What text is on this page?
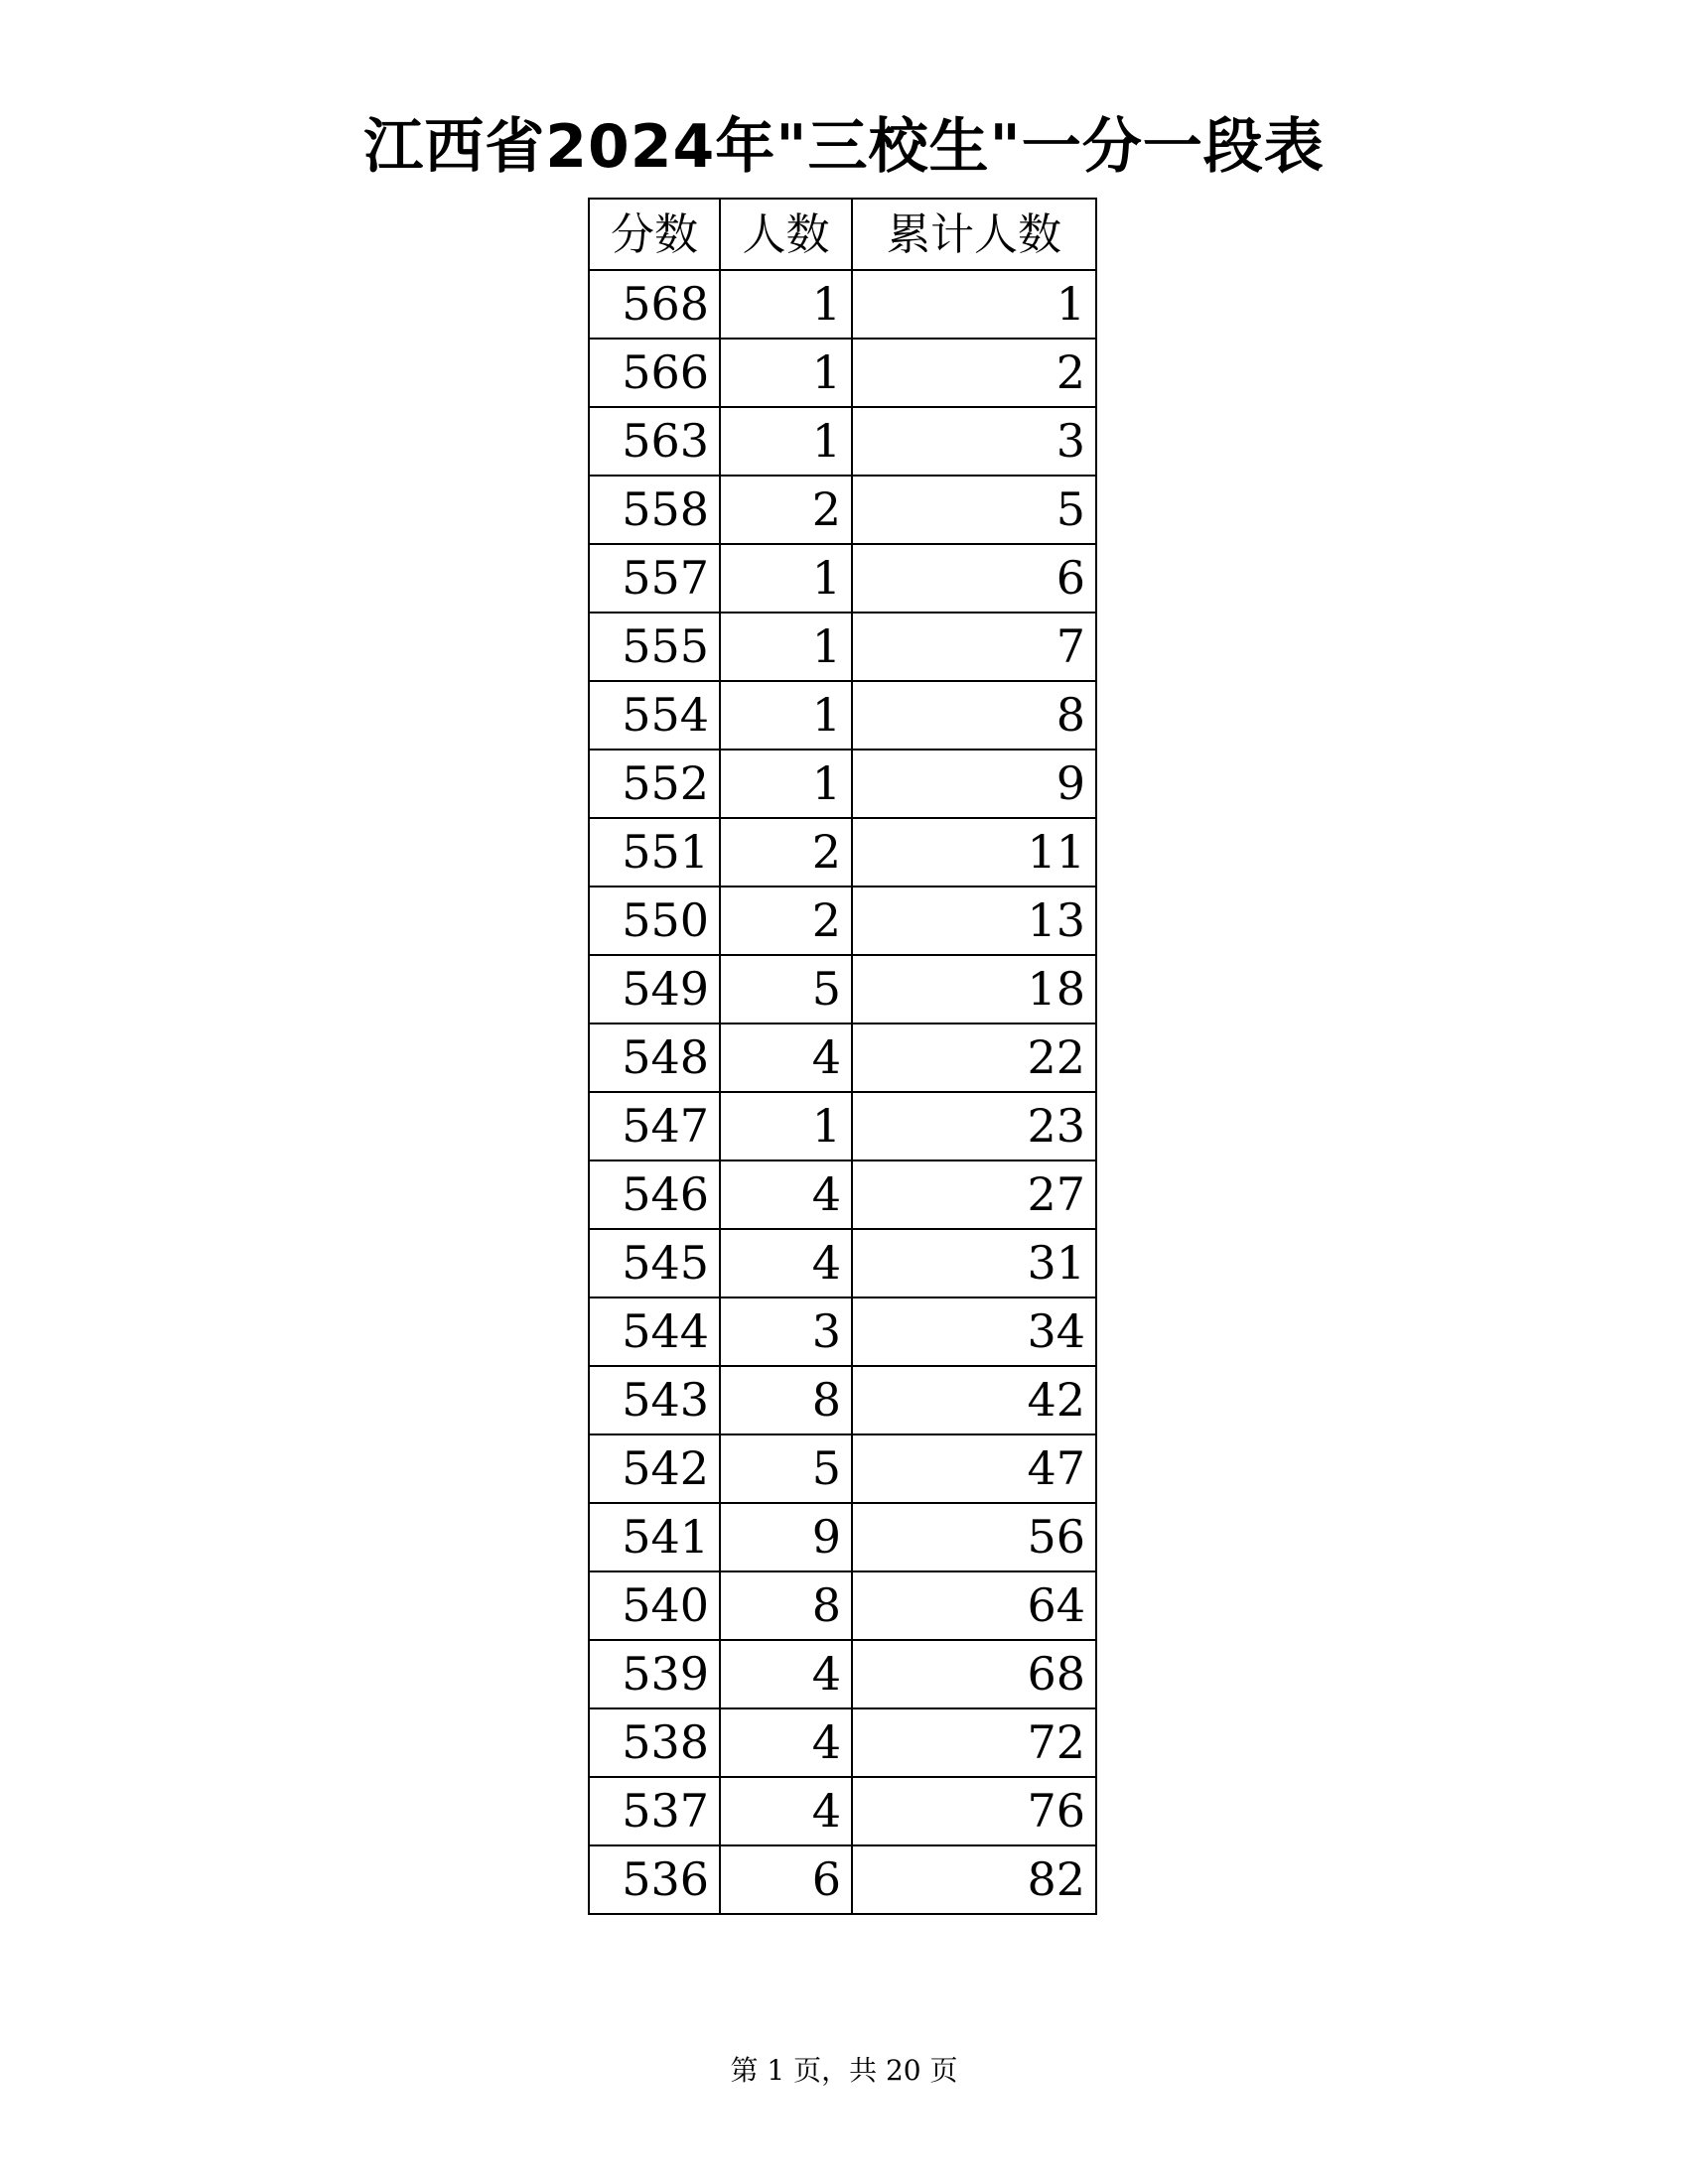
江西省2024年"三校生"一分一段表
分数	人数	累计人数
568	1	1
566	1	2
563	1	3
558	2	5
557	1	6
555	1	7
554	1	8
552	1	9
551	2	11
550	2	13
549	5	18
548	4	22
547	1	23
546	4	27
545	4	31
544	3	34
543	8	42
542	5	47
541	9	56
540	8	64
539	4	68
538	4	72
537	4	76
536	6	82
第 1 页，共 20 页
